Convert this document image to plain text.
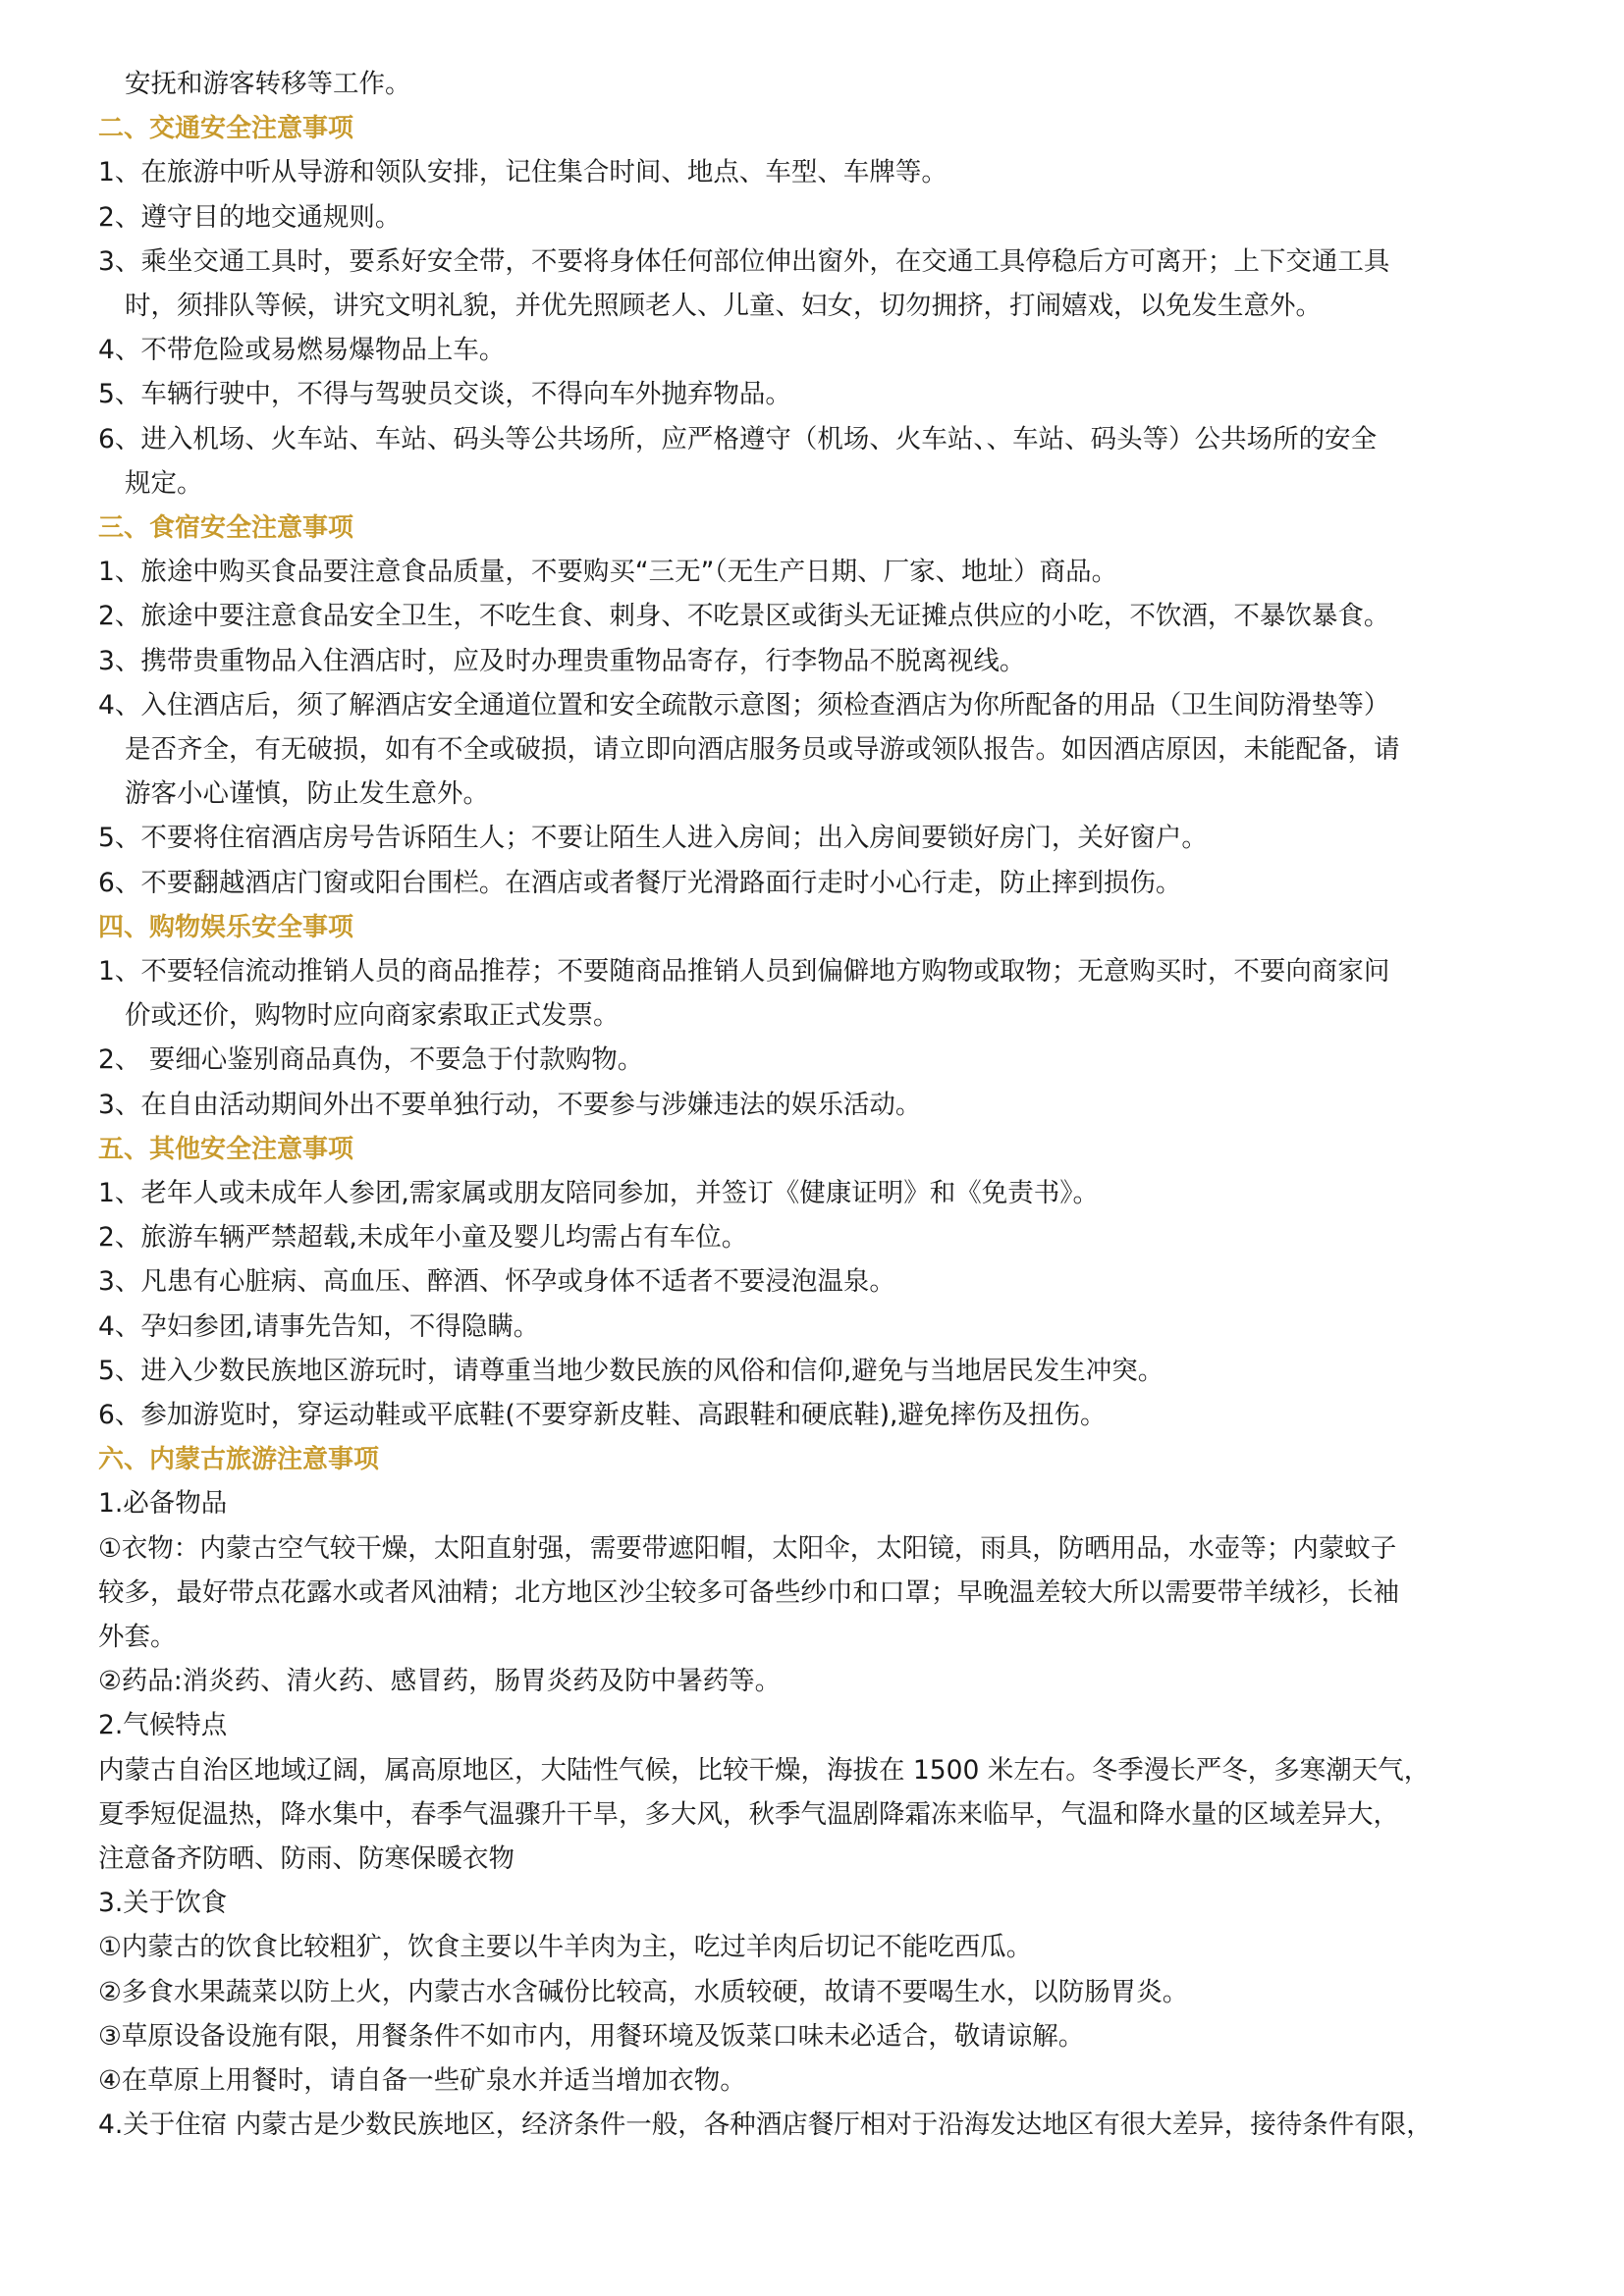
安抚和游客转移等工作。
二、交通安全注意事项
1、在旅游中听从导游和领队安排，记住集合时间、地点、车型、车牌等。
2、遵守目的地交通规则。
3、乘坐交通工具时，要系好安全带，不要将身体任何部位伸出窗外，在交通工具停稳后方可离开；上下交通工具
时，须排队等候，讲究文明礼貌，并优先照顾老人、儿童、妇女，切勿拥挤，打闹嬉戏，以免发生意外。
4、不带危险或易燃易爆物品上车。
5、车辆行驶中，不得与驾驶员交谈，不得向车外抛弃物品。
6、进入机场、火车站、车站、码头等公共场所，应严格遵守（机场、火车站、、车站、码头等）公共场所的安全
规定。
三、食宿安全注意事项
1、旅途中购买食品要注意食品质量，不要购买“三无”（无生产日期、厂家、地址）商品。
2、旅途中要注意食品安全卫生，不吃生食、刺身、不吃景区或街头无证摊点供应的小吃，不饮酒，不暴饮暴食。
3、携带贵重物品入住酒店时，应及时办理贵重物品寄存，行李物品不脱离视线。
4、入住酒店后，须了解酒店安全通道位置和安全疏散示意图；须检查酒店为你所配备的用品（卫生间防滑垫等）
是否齐全，有无破损，如有不全或破损，请立即向酒店服务员或导游或领队报告。如因酒店原因，未能配备，请
游客小心谨慎，防止发生意外。
5、不要将住宿酒店房号告诉陌生人；不要让陌生人进入房间；出入房间要锁好房门，关好窗户。
6、不要翻越酒店门窗或阳台围栏。在酒店或者餐厅光滑路面行走时小心行走，防止摔到损伤。
四、购物娱乐安全事项
1、不要轻信流动推销人员的商品推荐；不要随商品推销人员到偏僻地方购物或取物；无意购买时，不要向商家问
价或还价，购物时应向商家索取正式发票。
2、 要细心鉴别商品真伪，不要急于付款购物。
3、在自由活动期间外出不要单独行动，不要参与涉嫌违法的娱乐活动。
五、其他安全注意事项
1、老年人或未成年人参团,需家属或朋友陪同参加，并签订《健康证明》和《免责书》。
2、旅游车辆严禁超载,未成年小童及婴儿均需占有车位。
3、凡患有心脏病、高血压、醉酒、怀孕或身体不适者不要浸泡温泉。
4、孕妇参团,请事先告知，不得隐瞒。
5、进入少数民族地区游玩时，请尊重当地少数民族的风俗和信仰,避免与当地居民发生冲突。
6、参加游览时，穿运动鞋或平底鞋(不要穿新皮鞋、高跟鞋和硬底鞋),避免摔伤及扭伤。
六、内蒙古旅游注意事项
1.必备物品
①衣物：内蒙古空气较干燥，太阳直射强，需要带遮阳帽，太阳伞，太阳镜，雨具，防晒用品，水壶等；内蒙蚊子
较多，最好带点花露水或者风油精；北方地区沙尘较多可备些纱巾和口罩；早晚温差较大所以需要带羊绒衫，长袖
外套。
②药品:消炎药、清火药、感冒药，肠胃炎药及防中暑药等。
2.气候特点
内蒙古自治区地域辽阔，属高原地区，大陆性气候，比较干燥，海拔在 1500 米左右。冬季漫长严冬，多寒潮天气，
夏季短促温热，降水集中，春季气温骤升干旱，多大风，秋季气温剧降霜冻来临早，气温和降水量的区域差异大，
注意备齐防晒、防雨、防寒保暖衣物
3.关于饮食
①内蒙古的饮食比较粗犷，饮食主要以牛羊肉为主，吃过羊肉后切记不能吃西瓜。
②多食水果蔬菜以防上火，内蒙古水含碱份比较高，水质较硬，故请不要喝生水，以防肠胃炎。
③草原设备设施有限，用餐条件不如市内，用餐环境及饭菜口味未必适合，敬请谅解。
④在草原上用餐时，请自备一些矿泉水并适当增加衣物。
4.关于住宿 内蒙古是少数民族地区，经济条件一般，各种酒店餐厅相对于沿海发达地区有很大差异，接待条件有限，
